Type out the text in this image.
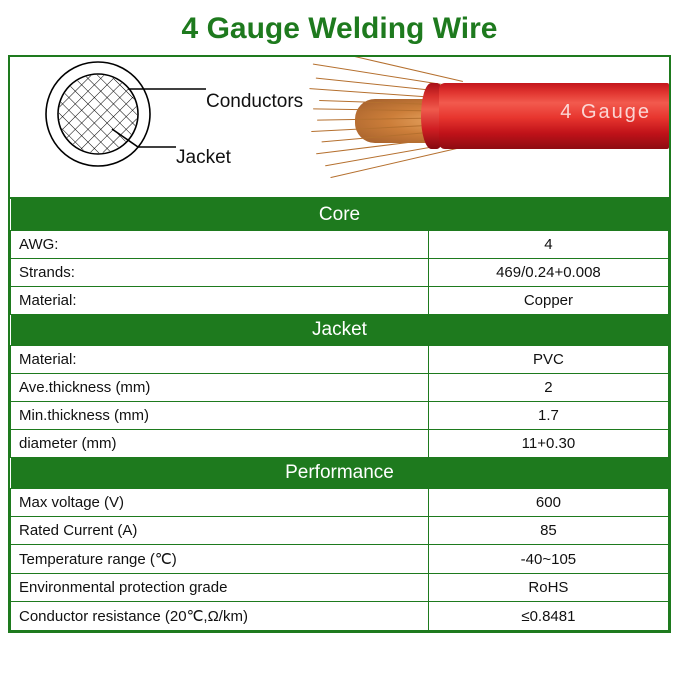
4 Gauge Welding Wire
Conductors
Jacket
4 Gauge
Core	
AWG:	4
Strands:	469/0.24+0.008
Material:	Copper
Jacket	
Material:	PVC
Ave.thickness (mm)	2
Min.thickness (mm)	1.7
diameter (mm)	11+0.30
Performance	
Max voltage (V)	600
Rated Current (A)	85
Temperature range (℃)	-40~105
Environmental protection grade	RoHS
Conductor resistance (20℃,Ω/km)	≤0.8481
